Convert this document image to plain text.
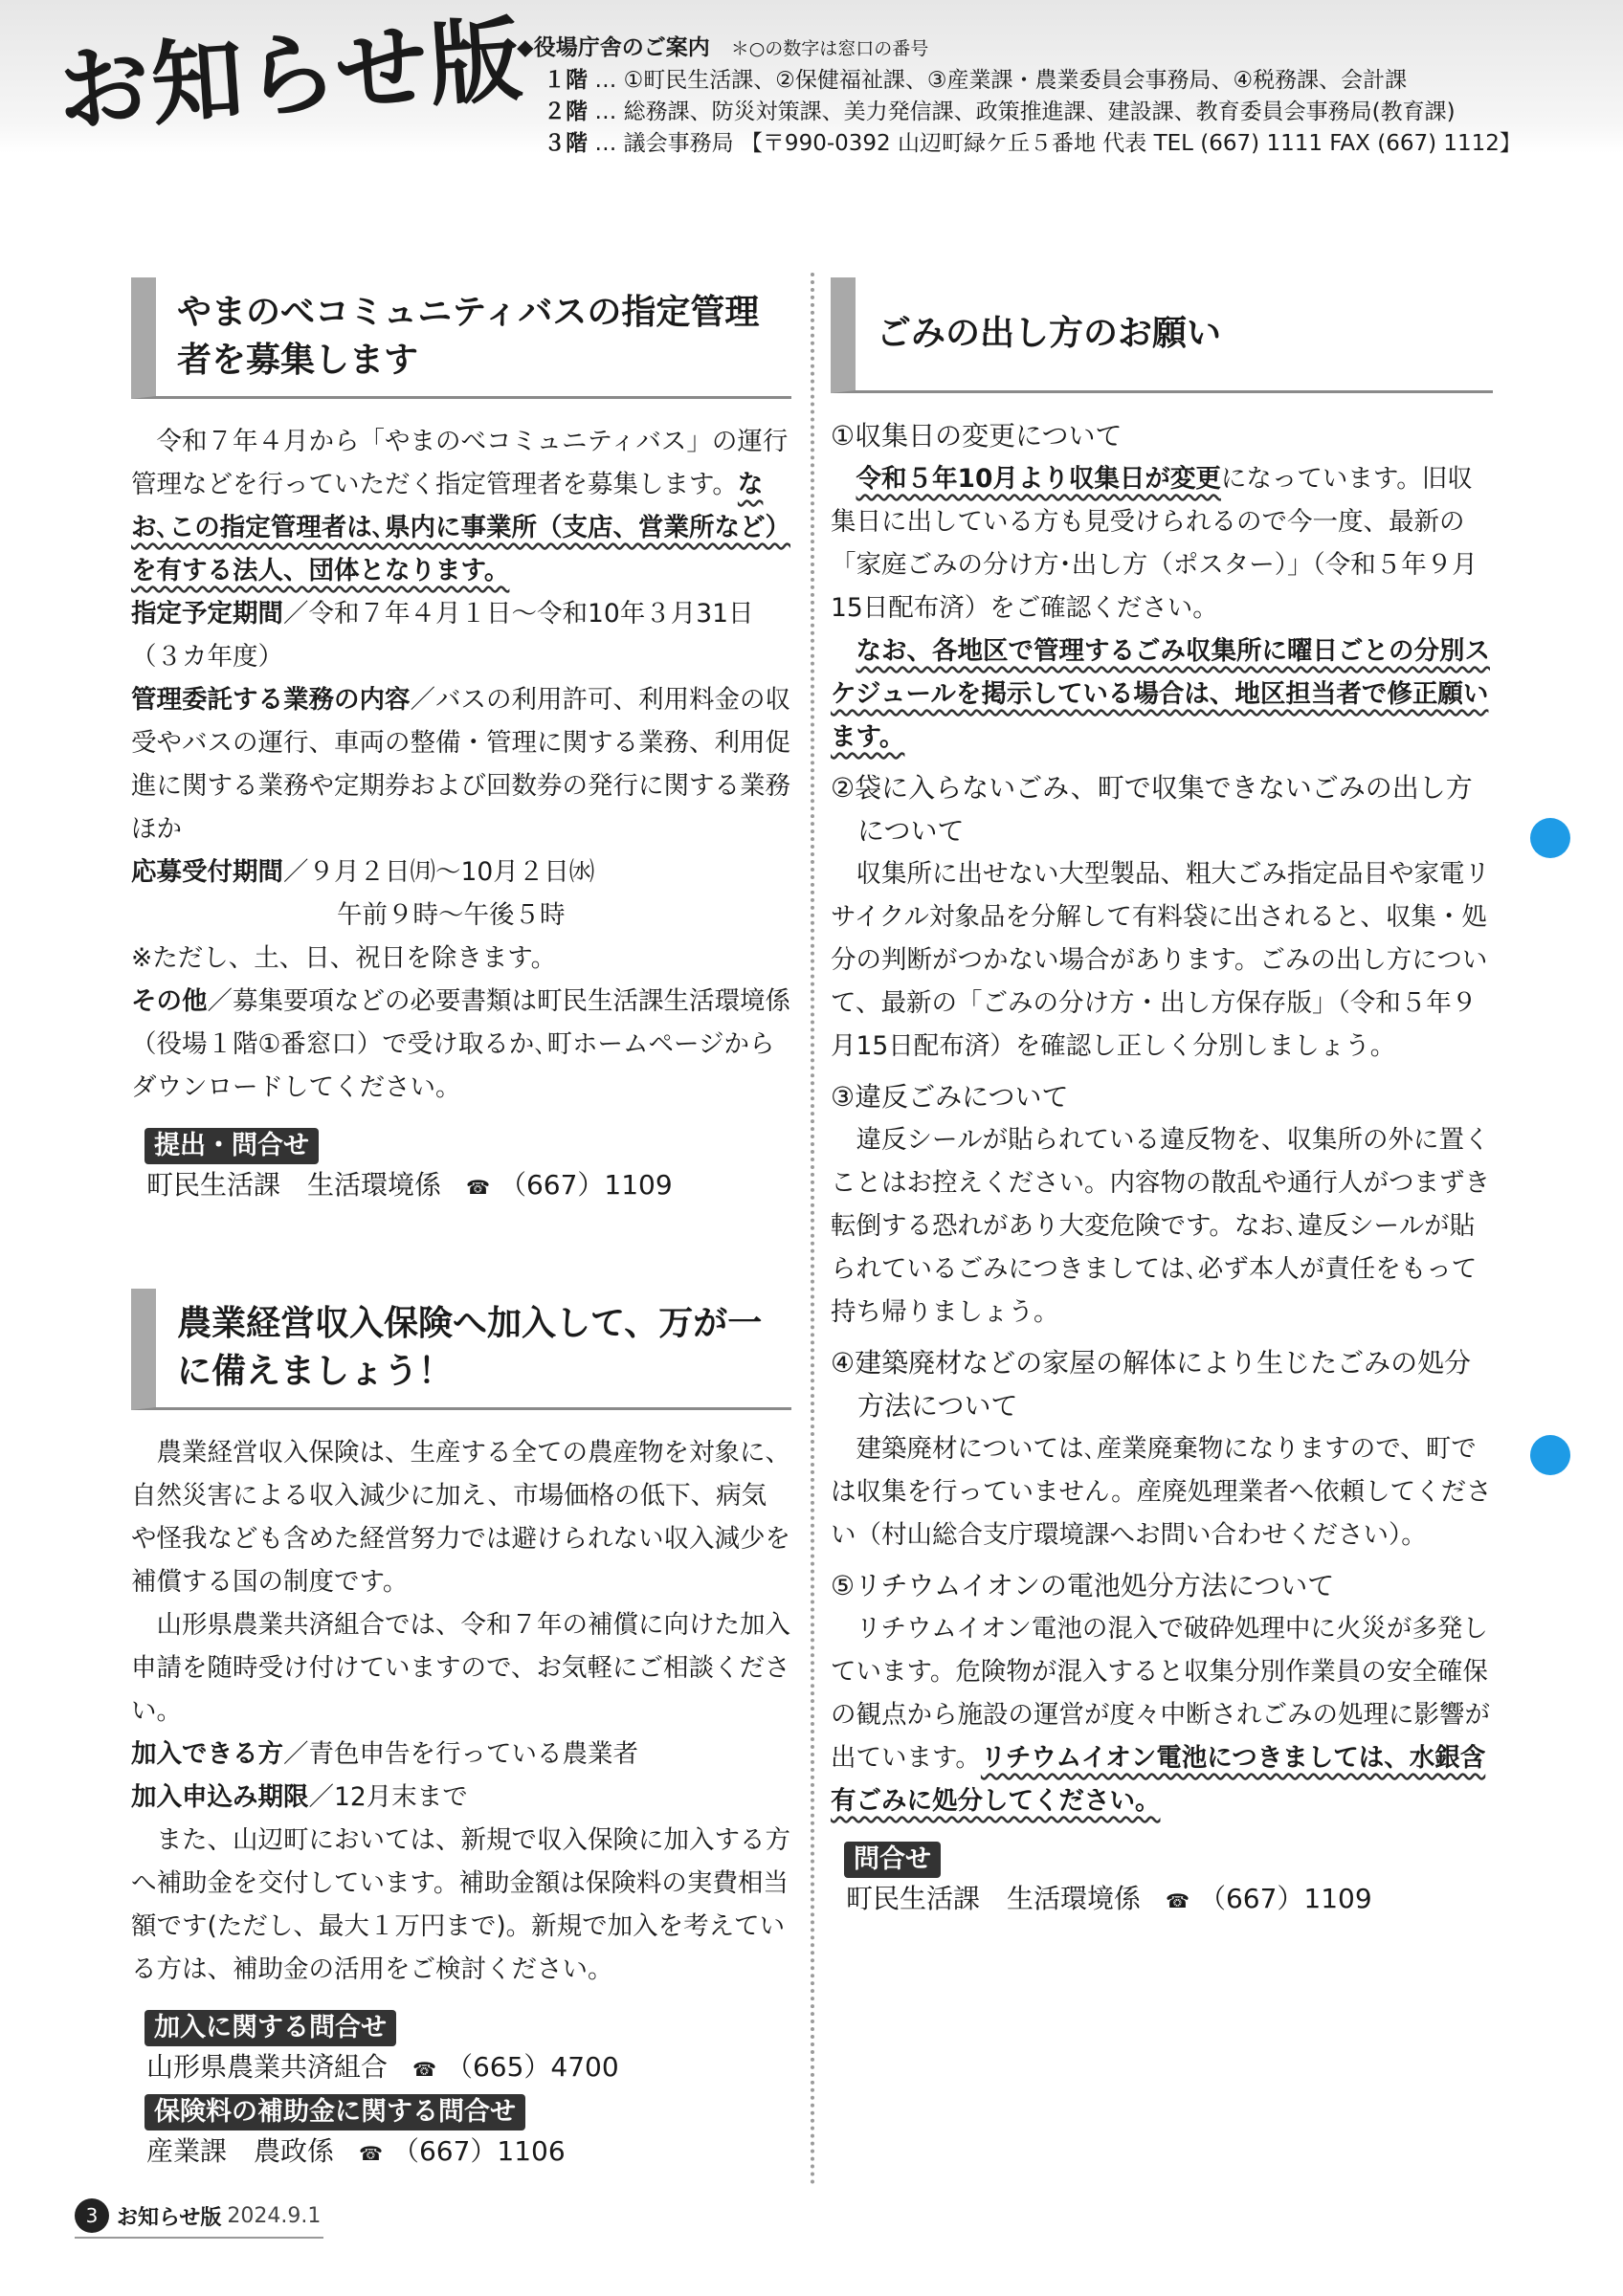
お知らせ版
◆役場庁舎のご案内 ＊○の数字は窓口の番号
１階 … ①町民生活課、②保健福祉課、③産業課・農業委員会事務局、④税務課、会計課
２階 … 総務課、防災対策課、美力発信課、政策推進課、建設課、教育委員会事務局(教育課)
３階 … 議会事務局 【〒990-0392 山辺町緑ケ丘５番地 代表 TEL (667) 1111 FAX (667) 1112】
やまのべコミュニティバスの指定管理者を募集します

令和７年４月から「やまのべコミュニティバス」の運行管理などを行っていただく指定管理者を募集します。なお､この指定管理者は､県内に事業所（支店、営業所など）を有する法人、団体となります。

指定予定期間／令和７年４月１日～令和10年３月31日（３カ年度）

管理委託する業務の内容／バスの利用許可、利用料金の収受やバスの運行、車両の整備・管理に関する業務、利用促進に関する業務や定期券および回数券の発行に関する業務ほか

応募受付期間／９月２日㈪～10月２日㈬

午前９時～午後５時

※ただし、土、日、祝日を除きます。

その他／募集要項などの必要書類は町民生活課生活環境係（役場１階①番窓口）で受け取るか､町ホームページからダウンロードしてください。

提出・問合せ
町民生活課　生活環境係 ☎ （667）1109
農業経営収入保険へ加入して、万が一に備えましょう！

農業経営収入保険は、生産する全ての農産物を対象に、自然災害による収入減少に加え、市場価格の低下、病気や怪我なども含めた経営努力では避けられない収入減少を補償する国の制度です。

山形県農業共済組合では、令和７年の補償に向けた加入申請を随時受け付けていますので、お気軽にご相談ください。

加入できる方／青色申告を行っている農業者

加入申込み期限／12月末まで

また、山辺町においては、新規で収入保険に加入する方へ補助金を交付しています。補助金額は保険料の実費相当額です(ただし、最大１万円まで)。新規で加入を考えている方は、補助金の活用をご検討ください。

加入に関する問合せ
山形県農業共済組合 ☎ （665）4700
保険料の補助金に関する問合せ
産業課　農政係 ☎ （667）1106
ごみの出し方のお願い

①収集日の変更について

令和５年10月より収集日が変更になっています。旧収集日に出している方も見受けられるので今一度、最新の「家庭ごみの分け方･出し方（ポスター）」（令和５年９月15日配布済）をご確認ください。

なお、各地区で管理するごみ収集所に曜日ごとの分別スケジュールを掲示している場合は、地区担当者で修正願います。

②袋に入らないごみ、町で収集できないごみの出し方について

収集所に出せない大型製品、粗大ごみ指定品目や家電リサイクル対象品を分解して有料袋に出されると、収集・処分の判断がつかない場合があります。ごみの出し方について、最新の「ごみの分け方・出し方保存版」（令和５年９月15日配布済）を確認し正しく分別しましょう。

③違反ごみについて

違反シールが貼られている違反物を、収集所の外に置くことはお控えください。内容物の散乱や通行人がつまずき転倒する恐れがあり大変危険です。なお､違反シールが貼られているごみにつきましては､必ず本人が責任をもって持ち帰りましょう。

④建築廃材などの家屋の解体により生じたごみの処分方法について

建築廃材については､産業廃棄物になりますので、町では収集を行っていません。産廃処理業者へ依頼してください（村山総合支庁環境課へお問い合わせください）。

⑤リチウムイオンの電池処分方法について

リチウムイオン電池の混入で破砕処理中に火災が多発しています。危険物が混入すると収集分別作業員の安全確保の観点から施設の運営が度々中断されごみの処理に影響が出ています。リチウムイオン電池につきましては、水銀含有ごみに処分してください。

問合せ
町民生活課　生活環境係 ☎ （667）1109
3 お知らせ版 2024.9.1
